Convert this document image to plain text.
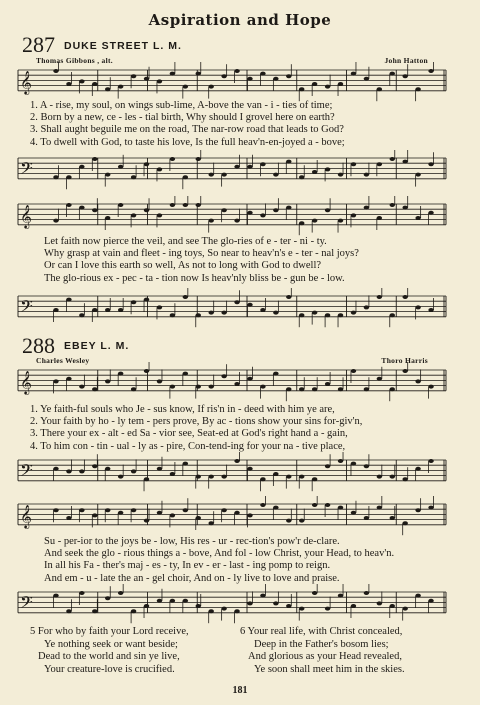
Aspiration and Hope
287 DUKE STREET L. M.
Thomas Gibbons , alt.	John Hatton
𝄞
1. A - rise, my soul, on wings sub-lime, A-bove the van - i - ties of time;
2. Born by a new, ce - les - tial birth, Why should I grovel here on earth?
3. Shall aught beguile me on the road, The nar-row road that leads to God?
4. To dwell with God, to taste his love, Is the full heav'n-en-joyed a - bove;
𝄢
𝄞
Let faith now pierce the veil, and see The glo-ries of e - ter - ni - ty.
Why grasp at vain and fleet - ing toys, So near to heav'n's e - ter - nal joys?
Or can I love this earth so well, As not to long with God to dwell?
The glo-rious ex - pec - ta - tion now Is heav'nly bliss be - gun be - low.
𝄢
288 EBEY L. M.
Charles Wesley	Thoro Harris
𝄞
1. Ye faith-ful souls who Je - sus know, If ris'n in - deed with him ye are,
2. Your faith by ho - ly tem - pers prove, By ac - tions show your sins for-giv'n,
3. There your ex - alt - ed Sa - vior see, Seat-ed at God's right hand a - gain,
4. To him con - tin - ual - ly as - pire, Con-tend-ing for your na - tive place,
𝄢
𝄞
Su - per-ior to the joys be - low, His res - ur - rec-tion's pow'r de-clare.
And seek the glo - rious things a - bove, And fol - low Christ, your Head, to heav'n.
In all his Fa - ther's maj - es - ty, In ev - er - last - ing pomp to reign.
And em - u - late the an - gel choir, And on - ly live to love and praise.
𝄢
5 For who by faith your Lord receive,
Ye nothing seek or want beside;
Dead to the world and sin ye live,
Your creature-love is crucified.
6 Your real life, with Christ concealed,
Deep in the Father's bosom lies;
And glorious as your Head revealed,
Ye soon shall meet him in the skies.
181
